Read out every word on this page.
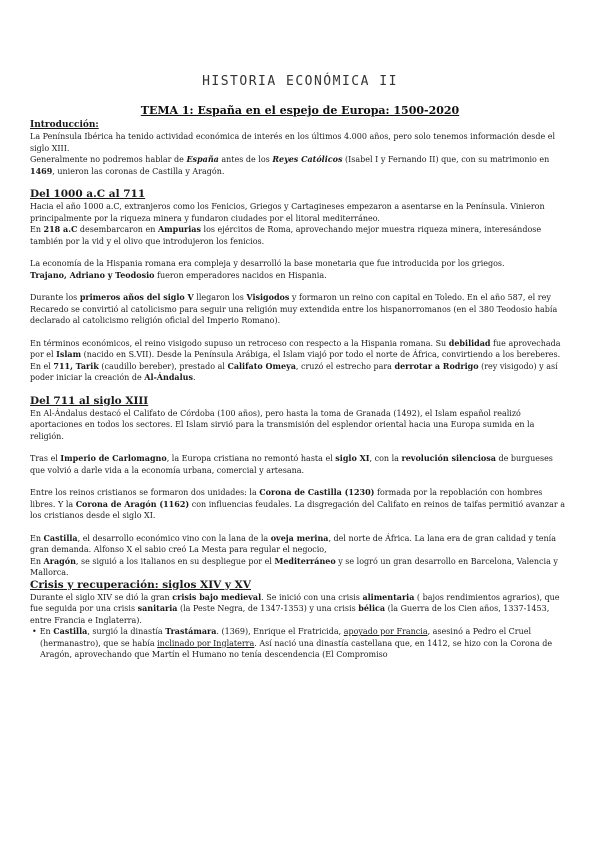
HISTORIA ECONÓMICA II
TEMA 1: España en el espejo de Europa: 1500-2020

Introducción:

La Península Ibérica ha tenido actividad económica de interés en los últimos 4.000 años, pero solo tenemos información desde el siglo XIII.

Generalmente no podremos hablar de España antes de los Reyes Católicos (Isabel I y Fernando II) que, con su matrimonio en 1469, unieron las coronas de Castilla y Aragón.

Del 1000 a.C al 711

Hacia el año 1000 a.C, extranjeros como los Fenicios, Griegos y Cartagineses empezaron a asentarse en la Península. Vinieron principalmente por la riqueza minera y fundaron ciudades por el litoral mediterráneo.

En 218 a.C desembarcaron en Ampurias los ejércitos de Roma, aprovechando mejor muestra riqueza minera, interesándose también por la vid y el olivo que introdujeron los fenicios.

La economía de la Hispania romana era compleja y desarrolló la base monetaria que fue introducida por los griegos.
Trajano, Adriano y Teodosio fueron emperadores nacidos en Hispania.

Durante los primeros años del siglo V llegaron los Visigodos y formaron un reino con capital en Toledo. En el año 587, el rey Recaredo se convirtió al catolicismo para seguir una religión muy extendida entre los hispanorromanos (en el 380 Teodosio había declarado al catolicismo religión oficial del Imperio Romano).

En términos económicos, el reino visigodo supuso un retroceso con respecto a la Hispania romana. Su debilidad fue aprovechada por el Islam (nacido en S.VII). Desde la Península Arábiga, el Islam viajó por todo el norte de África, convirtiendo a los bereberes.

En el 711, Tarik (caudillo bereber), prestado al Califato Omeya, cruzó el estrecho para derrotar a Rodrigo (rey visigodo) y así poder iniciar la creación de Al-Ándalus.

Del 711 al siglo XIII

En Al-Ándalus destacó el Califato de Córdoba (100 años), pero hasta la toma de Granada (1492), el Islam español realizó aportaciones en todos los sectores. El Islam sirvió para la transmisión del esplendor oriental hacia una Europa sumida en la religión.

Tras el Imperio de Carlomagno, la Europa cristiana no remontó hasta el siglo XI, con la revolución silenciosa de burgueses que volvió a darle vida a la economía urbana, comercial y artesana.

Entre los reinos cristianos se formaron dos unidades: la Corona de Castilla (1230) formada por la repoblación con hombres libres. Y la Corona de Aragón (1162) con influencias feudales. La disgregación del Califato en reinos de taifas permitió avanzar a los cristianos desde el siglo XI.

En Castilla, el desarrollo económico vino con la lana de la oveja merina, del norte de África. La lana era de gran calidad y tenía gran demanda. Alfonso X el sabio creó La Mesta para regular el negocio,

En Aragón, se siguió a los italianos en su despliegue por el Mediterráneo y se logró un gran desarrollo en Barcelona, Valencia y Mallorca.

Crisis y recuperación: siglos XIV y XV

Durante el siglo XIV se dió la gran crisis bajo medieval. Se inició con una crisis alimentaria ( bajos rendimientos agrarios), que fue seguida por una crisis sanitaria (la Peste Negra, de 1347-1353) y una crisis bélica (la Guerra de los Cien años, 1337-1453, entre Francia e Inglaterra).

• En Castilla, surgió la dinastía Trastámara. (1369), Enrique el Fratricida, apoyado por Francia, asesinó a Pedro el Cruel (hermanastro), que se había inclinado por Inglaterra. Así nació una dinastía castellana que, en 1412, se hizo con la Corona de Aragón, aprovechando que Martín el Humano no tenía descendencia (El Compromiso
